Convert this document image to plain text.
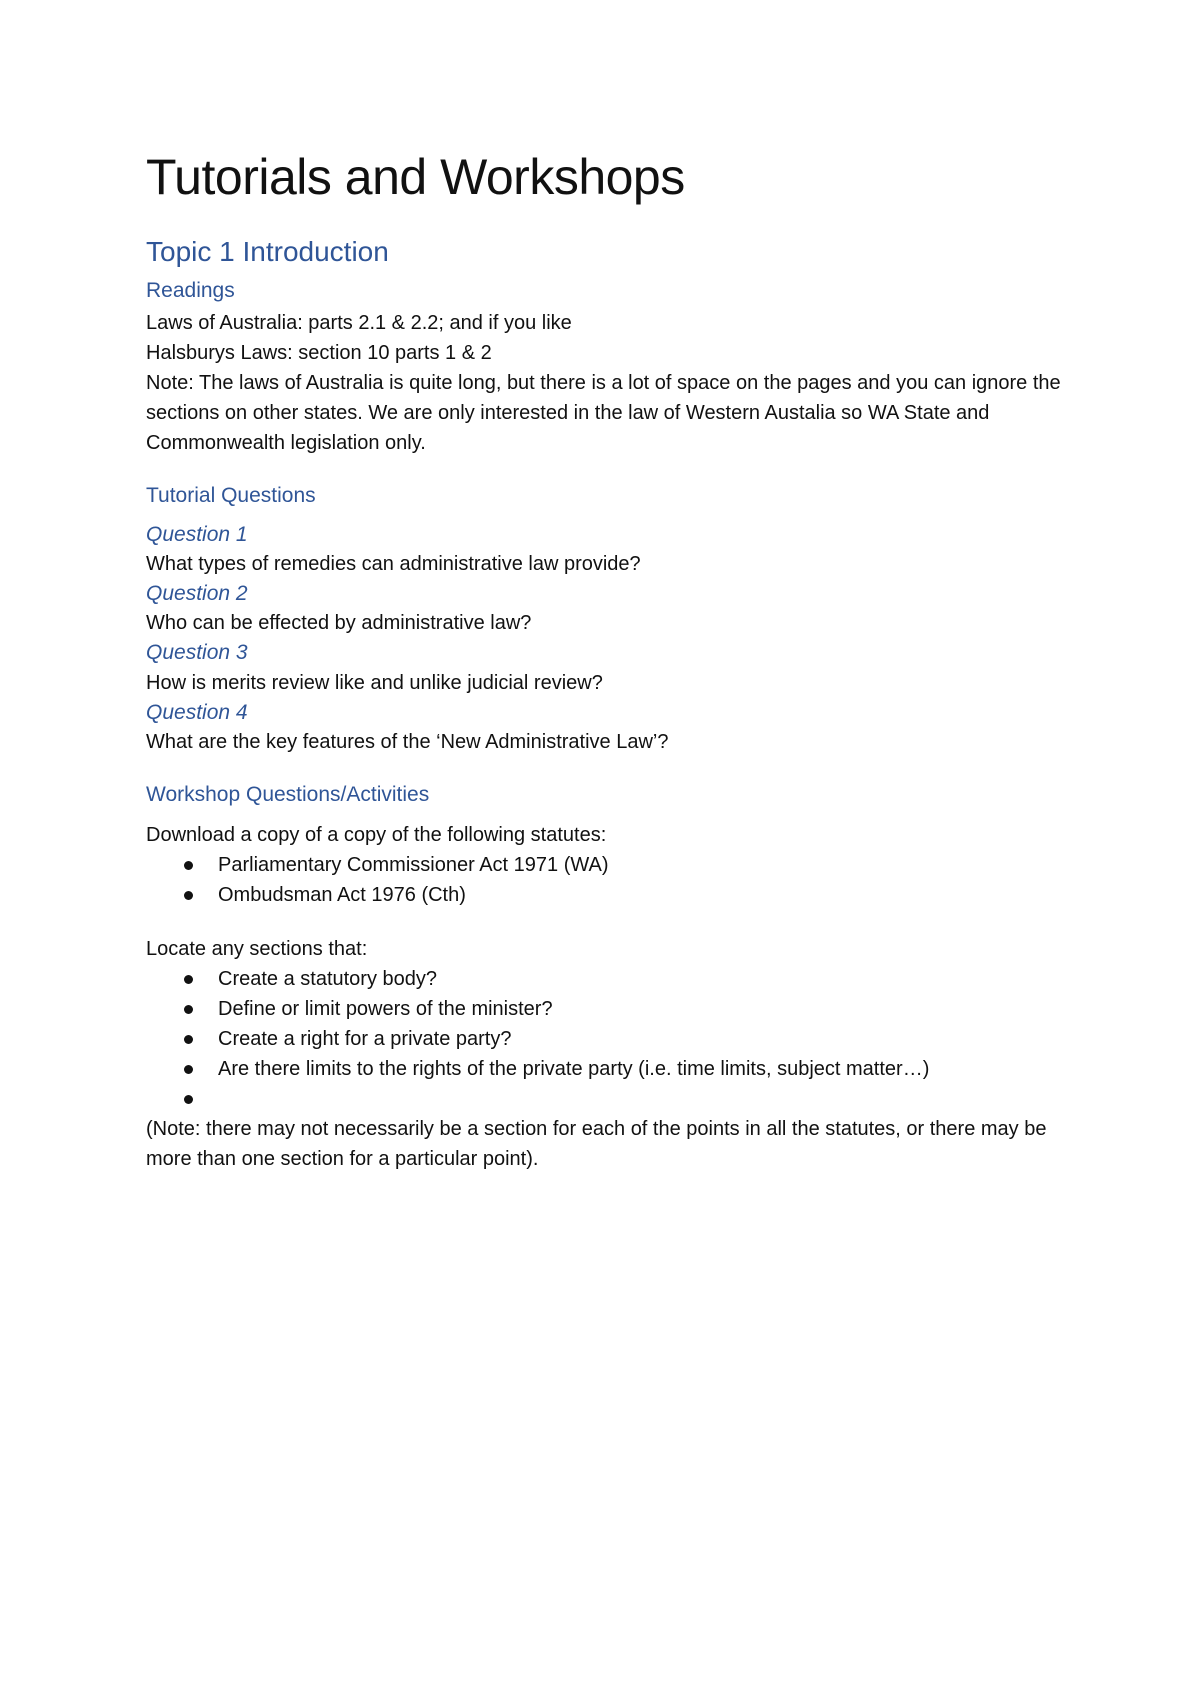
Tutorials and Workshops
Topic 1 Introduction
Readings
Laws of Australia: parts 2.1 & 2.2; and if you like
Halsburys Laws: section 10 parts 1 & 2
Note: The laws of Australia is quite long, but there is a lot of space on the pages and you can ignore the sections on other states. We are only interested in the law of Western Austalia so WA State and Commonwealth legislation only.
Tutorial Questions
Question 1
What types of remedies can administrative law provide?
Question 2
Who can be effected by administrative law?
Question 3
How is merits review like and unlike judicial review?
Question 4
What are the key features of the ‘New Administrative Law’?
Workshop Questions/Activities
Download a copy of a copy of the following statutes:
Parliamentary Commissioner Act 1971 (WA)
Ombudsman Act 1976 (Cth)
Locate any sections that:
Create a statutory body?
Define or limit powers of the minister?
Create a right for a private party?
Are there limits to the rights of the private party (i.e. time limits, subject matter…)
(Note: there may not necessarily be a section for each of the points in all the statutes, or there may be more than one section for a particular point).
